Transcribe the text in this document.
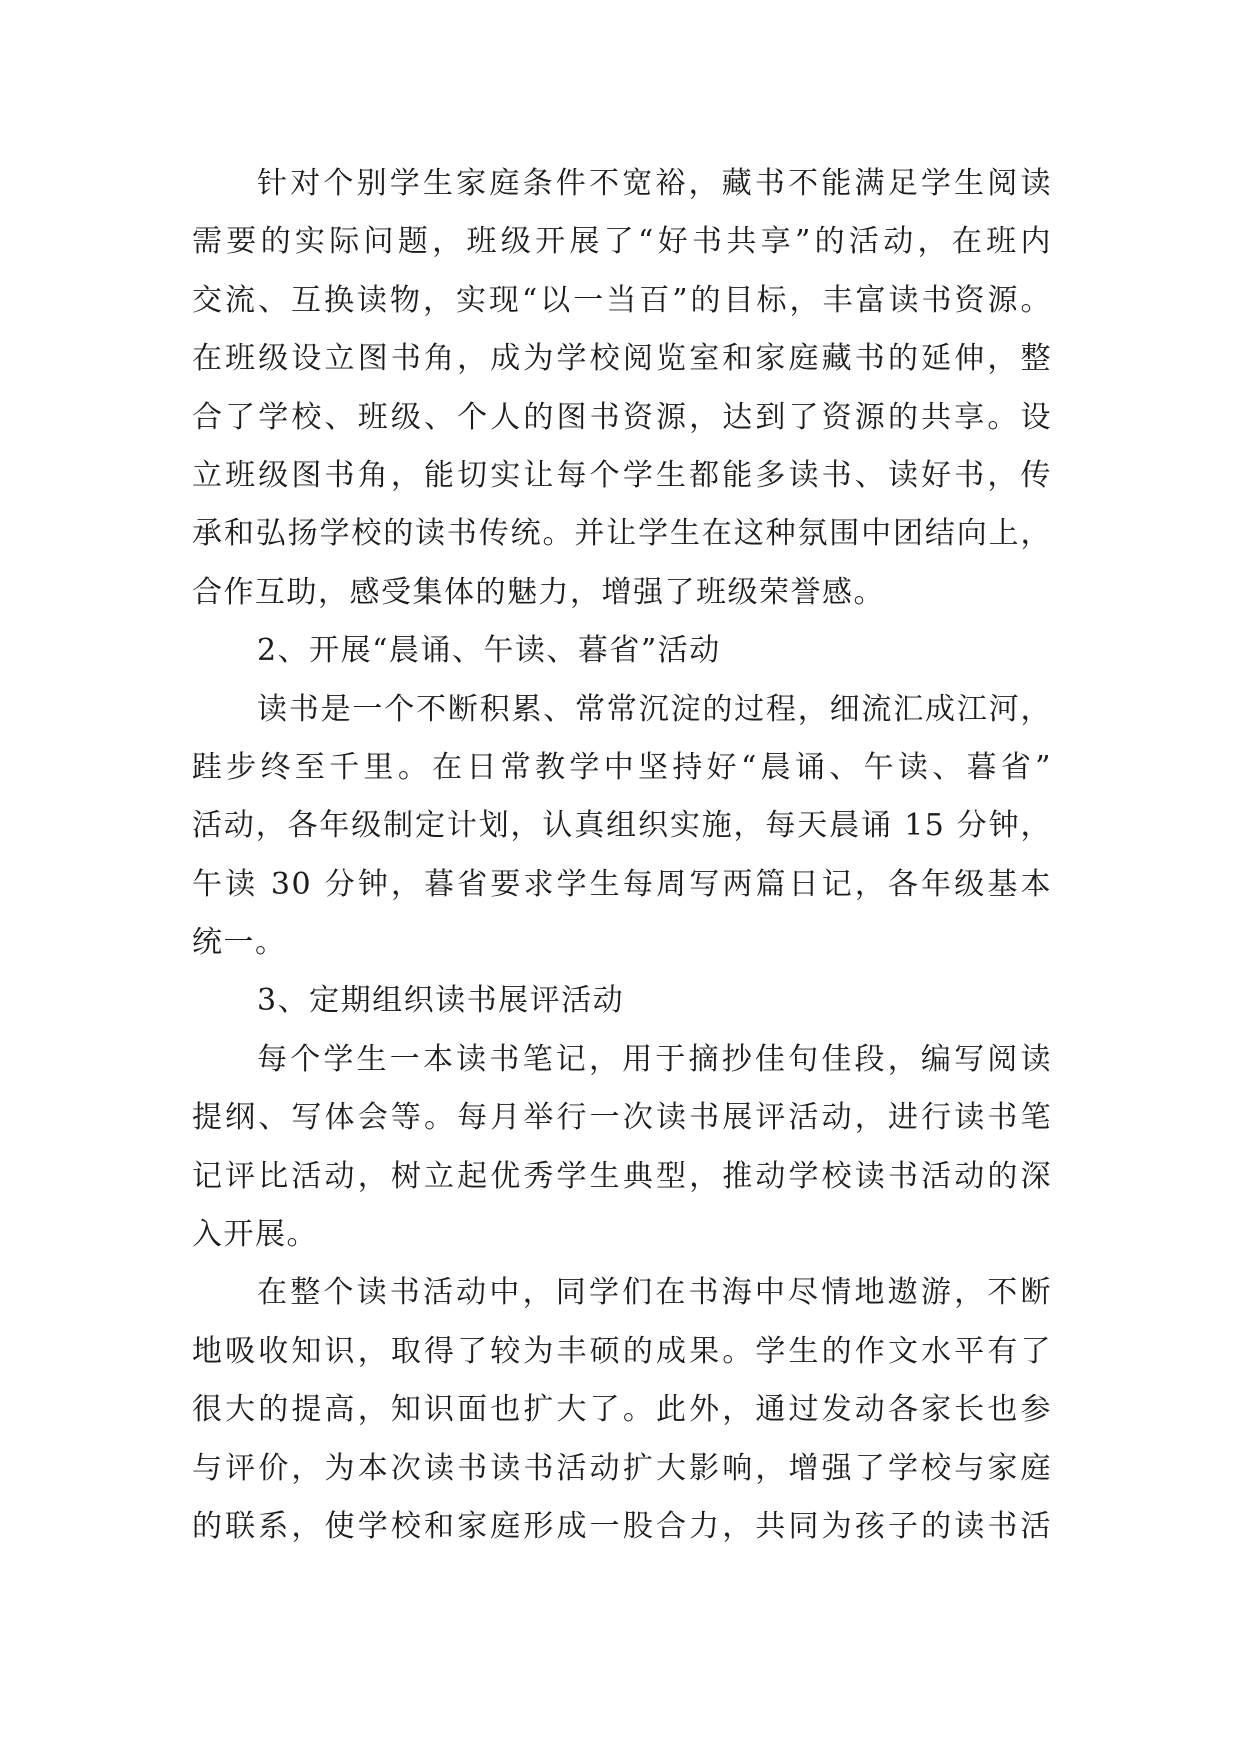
针对个别学生家庭条件不宽裕，藏书不能满足学生阅读
需要的实际问题，班级开展了“好书共享”的活动，在班内
交流、互换读物，实现“以一当百”的目标，丰富读书资源。
在班级设立图书角，成为学校阅览室和家庭藏书的延伸，整
合了学校、班级、个人的图书资源，达到了资源的共享。设
立班级图书角，能切实让每个学生都能多读书、读好书，传
承和弘扬学校的读书传统。并让学生在这种氛围中团结向上，
合作互助，感受集体的魅力，增强了班级荣誉感。
2、开展“晨诵、午读、暮省”活动
读书是一个不断积累、常常沉淀的过程，细流汇成江河，
跬步终至千里。在日常教学中坚持好“晨诵、午读、暮省”
活动，各年级制定计划，认真组织实施，每天晨诵 15 分钟，
午读 30 分钟，暮省要求学生每周写两篇日记，各年级基本
统一。
3、定期组织读书展评活动
每个学生一本读书笔记，用于摘抄佳句佳段，编写阅读
提纲、写体会等。每月举行一次读书展评活动，进行读书笔
记评比活动，树立起优秀学生典型，推动学校读书活动的深
入开展。
在整个读书活动中，同学们在书海中尽情地遨游，不断
地吸收知识，取得了较为丰硕的成果。学生的作文水平有了
很大的提高，知识面也扩大了。此外，通过发动各家长也参
与评价，为本次读书读书活动扩大影响，增强了学校与家庭
的联系，使学校和家庭形成一股合力，共同为孩子的读书活
